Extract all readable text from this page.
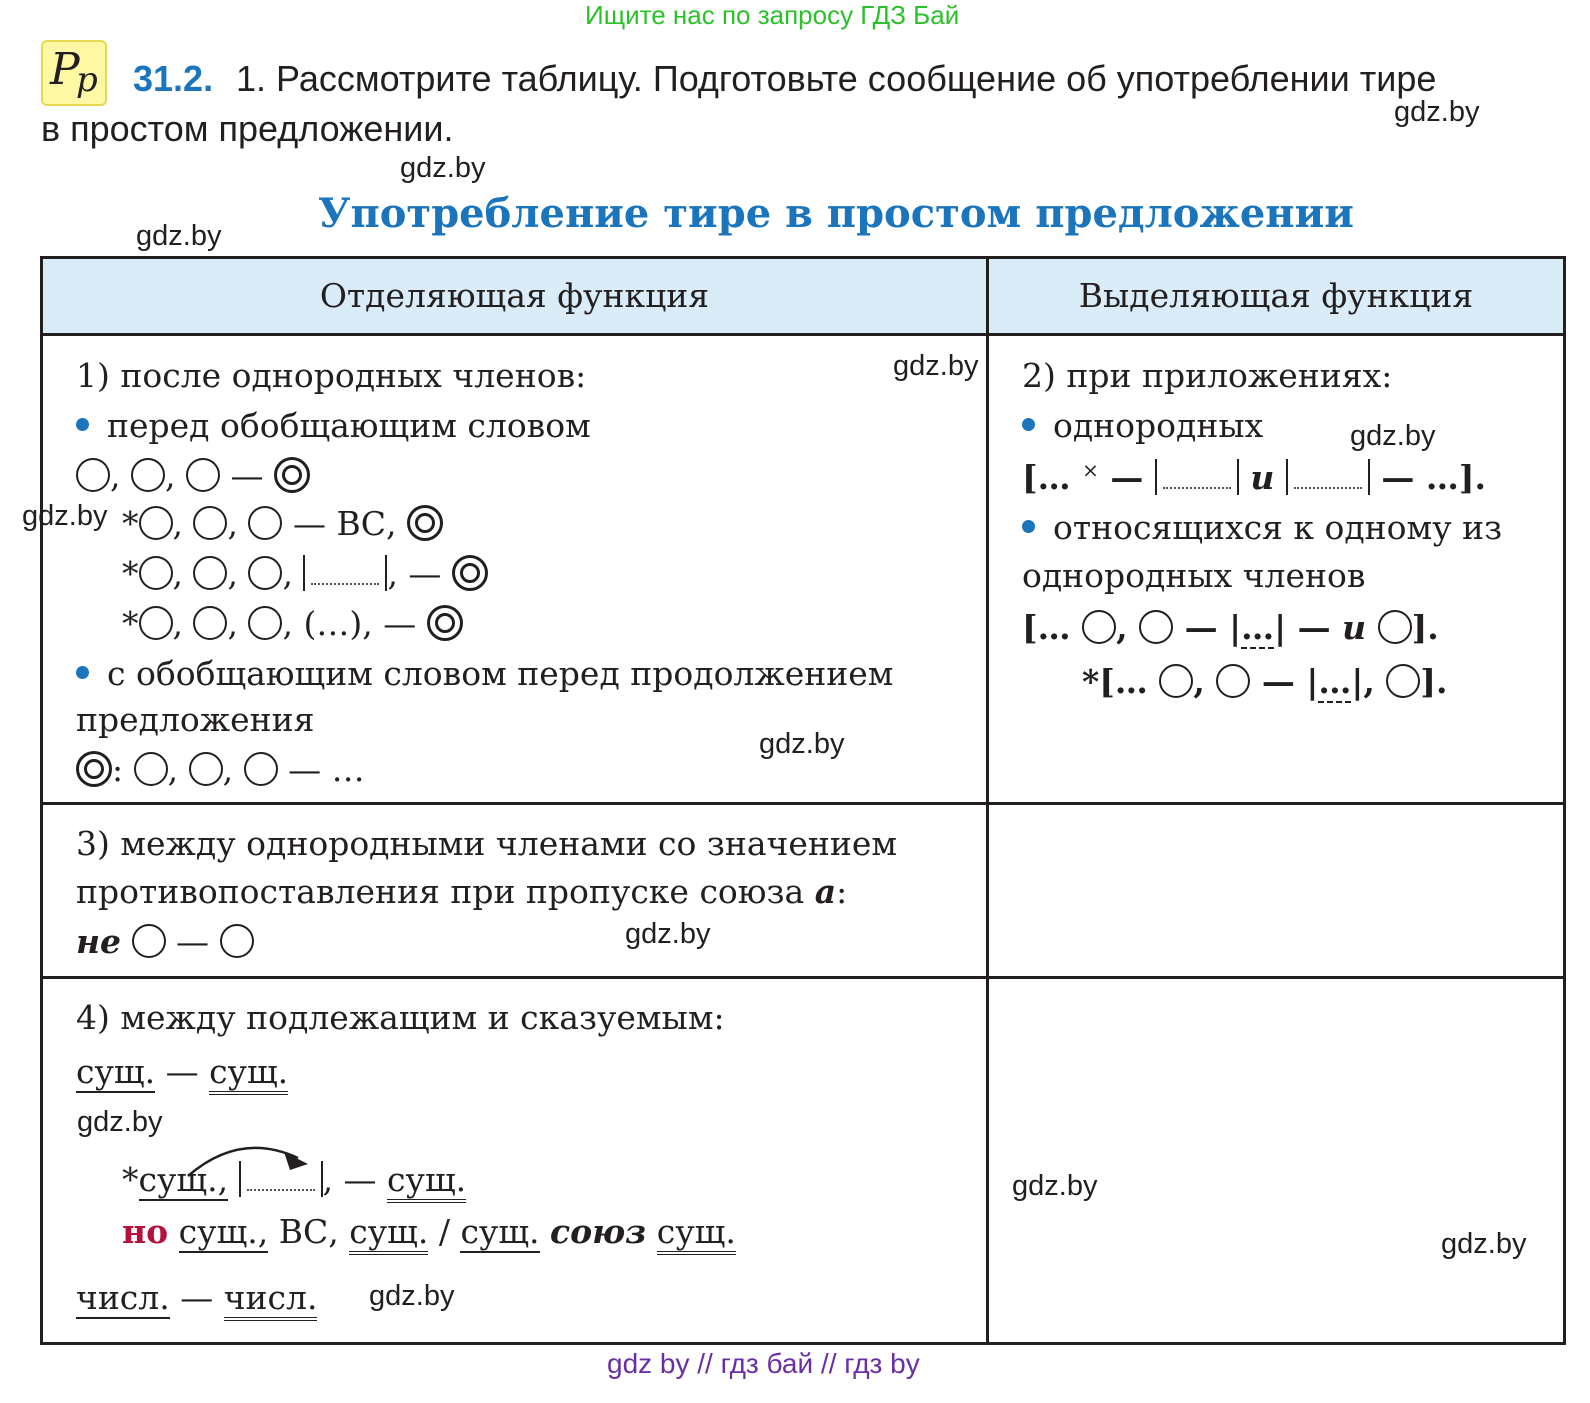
Ищите нас по запросу ГДЗ Бай
P
p 31.2. 1. Рассмотрите таблицу. Подготовьте сообщение об употреблении тире
в простом предложении.
Употребление тире в простом предложении
Отделяющая функция	Выделяющая функция
1) после однородных членов:
перед обобщающим словом
, ,  —
* , ,  — ВС,
* , , ,	, —
* , , , (…), —
с обобщающим словом перед продолжением
предложения
: , ,  — …
2) при приложениях:
однородных
[… × —	и	— …].
относящихся к одному из
однородных членов
[… ,  — |…| — и ].
*[… ,  — |…|, ].
3) между однородными членами со значением
противопоставления при пропуске союза а:
не  —
4) между подлежащим и сказуемым:
сущ. — сущ.
*сущ.,	, — сущ.
но сущ., ВС, сущ. / сущ. союз сущ.
числ. — числ.
gdz.by
gdz.by
gdz.by
gdz.by
gdz.by
gdz.by
gdz.by
gdz.by
gdz.by
gdz.by
gdz.by
gdz.by
gdz by // гдз бай // гдз by
